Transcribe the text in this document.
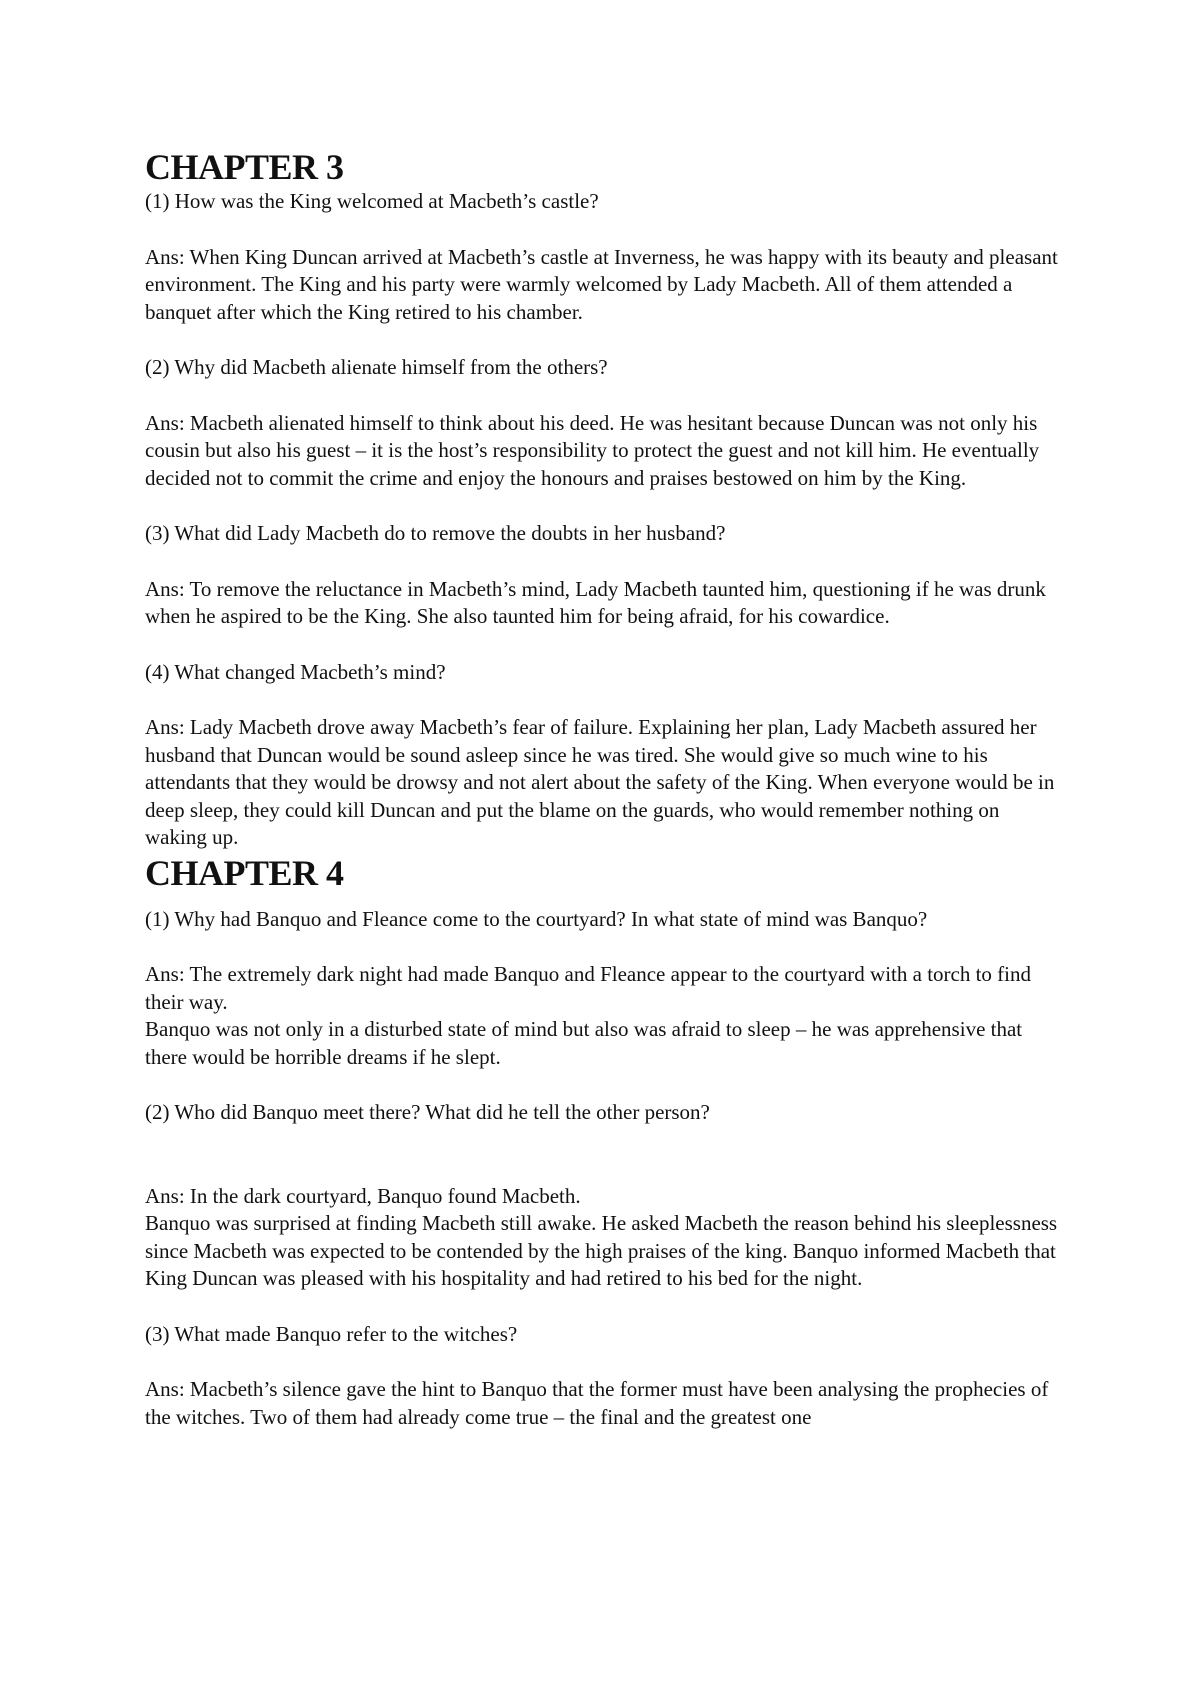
CHAPTER 3

(1) How was the King welcomed at Macbeth’s castle?

Ans: When King Duncan arrived at Macbeth’s castle at Inverness, he was happy with its beauty and pleasant environment. The King and his party were warmly welcomed by Lady Macbeth. All of them attended a banquet after which the King retired to his chamber.

(2) Why did Macbeth alienate himself from the others?

Ans: Macbeth alienated himself to think about his deed. He was hesitant because Duncan was not only his cousin but also his guest – it is the host’s responsibility to protect the guest and not kill him. He eventually decided not to commit the crime and enjoy the honours and praises bestowed on him by the King.

(3) What did Lady Macbeth do to remove the doubts in her husband?

Ans: To remove the reluctance in Macbeth’s mind, Lady Macbeth taunted him, questioning if he was drunk when he aspired to be the King. She also taunted him for being afraid, for his cowardice.

(4) What changed Macbeth’s mind?

Ans: Lady Macbeth drove away Macbeth’s fear of failure. Explaining her plan, Lady Macbeth assured her husband that Duncan would be sound asleep since he was tired. She would give so much wine to his attendants that they would be drowsy and not alert about the safety of the King. When everyone would be in deep sleep, they could kill Duncan and put the blame on the guards, who would remember nothing on waking up.

CHAPTER 4

(1) Why had Banquo and Fleance come to the courtyard? In what state of mind was Banquo?

Ans: The extremely dark night had made Banquo and Fleance appear to the courtyard with a torch to find their way.

Banquo was not only in a disturbed state of mind but also was afraid to sleep – he was apprehensive that there would be horrible dreams if he slept.

(2) Who did Banquo meet there? What did he tell the other person?

Ans: In the dark courtyard, Banquo found Macbeth.

Banquo was surprised at finding Macbeth still awake. He asked Macbeth the reason behind his sleeplessness since Macbeth was expected to be contended by the high praises of the king. Banquo informed Macbeth that King Duncan was pleased with his hospitality and had retired to his bed for the night.

(3) What made Banquo refer to the witches?

Ans: Macbeth’s silence gave the hint to Banquo that the former must have been analysing the prophecies of the witches. Two of them had already come true – the final and the greatest one
